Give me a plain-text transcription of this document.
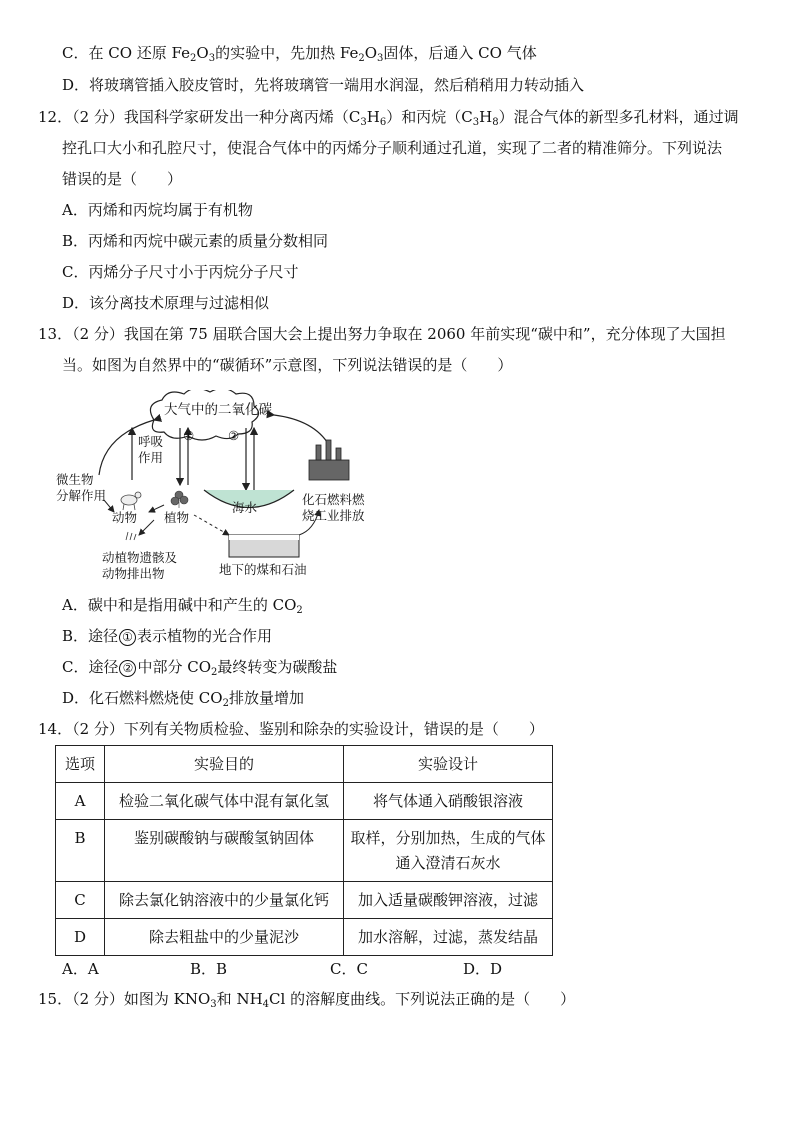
C．在 CO 还原 $Fe_2O_3$的实验中，先加热 $Fe_2O_3$固体，后通入 CO 气体
D．将玻璃管插入胶皮管时，先将玻璃管一端用水润湿，然后稍稍用力转动插入
12．（2 分）我国科学家研发出一种分离丙烯$(C_3H_6)$和丙烷$(C_3H_8)$混合气体的新型多孔材料，通过调
控孔口大小和孔腔尺寸，使混合气体中的丙烯分子顺利通过孔道，实现了二者的精准筛分。下列说法
错误的是（　　）
A．丙烯和丙烷均属于有机物
B．丙烯和丙烷中碳元素的质量分数相同
C．丙烯分子尺寸小于丙烷分子尺寸
D．该分离技术原理与过滤相似
13．（2 分）我国在第 75 届联合国大会上提出努力争取在 2060 年前实现“碳中和”，充分体现了大国担
当。如图为自然界中的“碳循环”示意图，下列说法错误的是（　　）
大气中的二氧化碳
呼吸
作用
①	②
微生物
分解作用
动物 植物
海水
化石燃料燃
烧工业排放
动植物遗骸及
动物排出物	地下的煤和石油
A．碳中和是指用碱中和产生的 $CO_2$
B．途径 ① 表示植物的光合作用
C．途径 ② 中部分 $CO_2$最终转变为碳酸盐
D．化石燃料燃烧使 $CO_2$排放量增加
14．（2 分）下列有关物质检验、鉴别和除杂的实验设计，错误的是（　　）
选项	实验目的	实验设计
A	检验二氧化碳气体中混有氯化氢	将气体通入硝酸银溶液
B	鉴别碳酸钠与碳酸氢钠固体	取样，分别加热，生成的气体通入澄清石灰水
C	除去氯化钠溶液中的少量氯化钙	加入适量碳酸钾溶液，过滤
D	除去粗盐中的少量泥沙	加水溶解，过滤，蒸发结晶
A．A	B．B	C．C	D．D
15．（2 分）如图为 $KNO_3$和 $NH_4Cl$ 的溶解度曲线。下列说法正确的是（　　）
